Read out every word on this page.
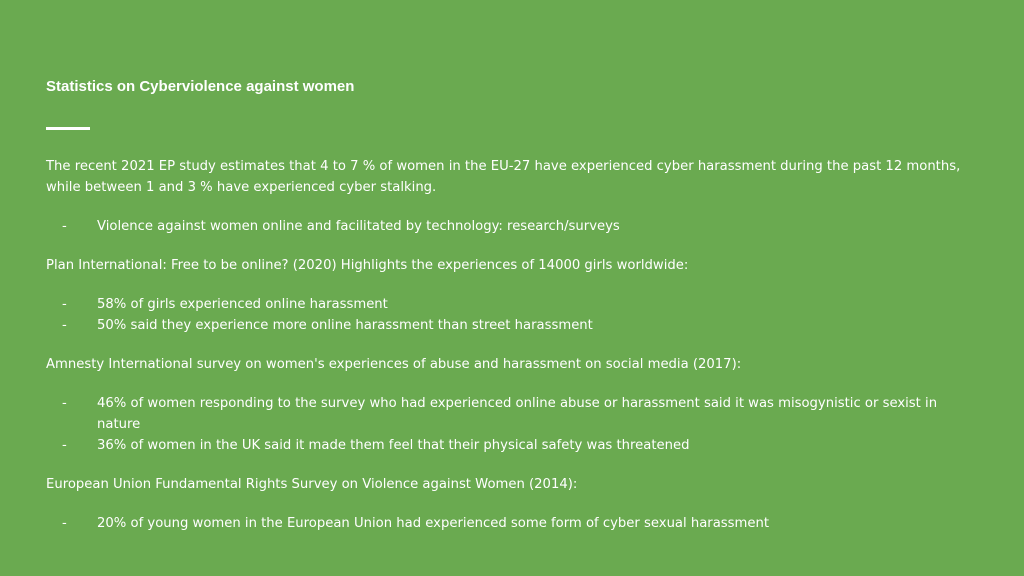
Statistics on Cyberviolence against women

The recent 2021 EP study estimates that 4 to 7 % of women in the EU-27 have experienced cyber harassment during the past 12 months, while between 1 and 3 % have experienced cyber stalking.

- Violence against women online and facilitated by technology: research/surveys

Plan International: Free to be online? (2020) Highlights the experiences of 14000 girls worldwide:

- 58% of girls experienced online harassment
- 50% said they experience more online harassment than street harassment

Amnesty International survey on women's experiences of abuse and harassment on social media (2017):

- 46% of women responding to the survey who had experienced online abuse or harassment said it was misogynistic or sexist in nature
- 36% of women in the UK said it made them feel that their physical safety was threatened

European Union Fundamental Rights Survey on Violence against Women (2014):

- 20% of young women in the European Union had experienced some form of cyber sexual harassment
